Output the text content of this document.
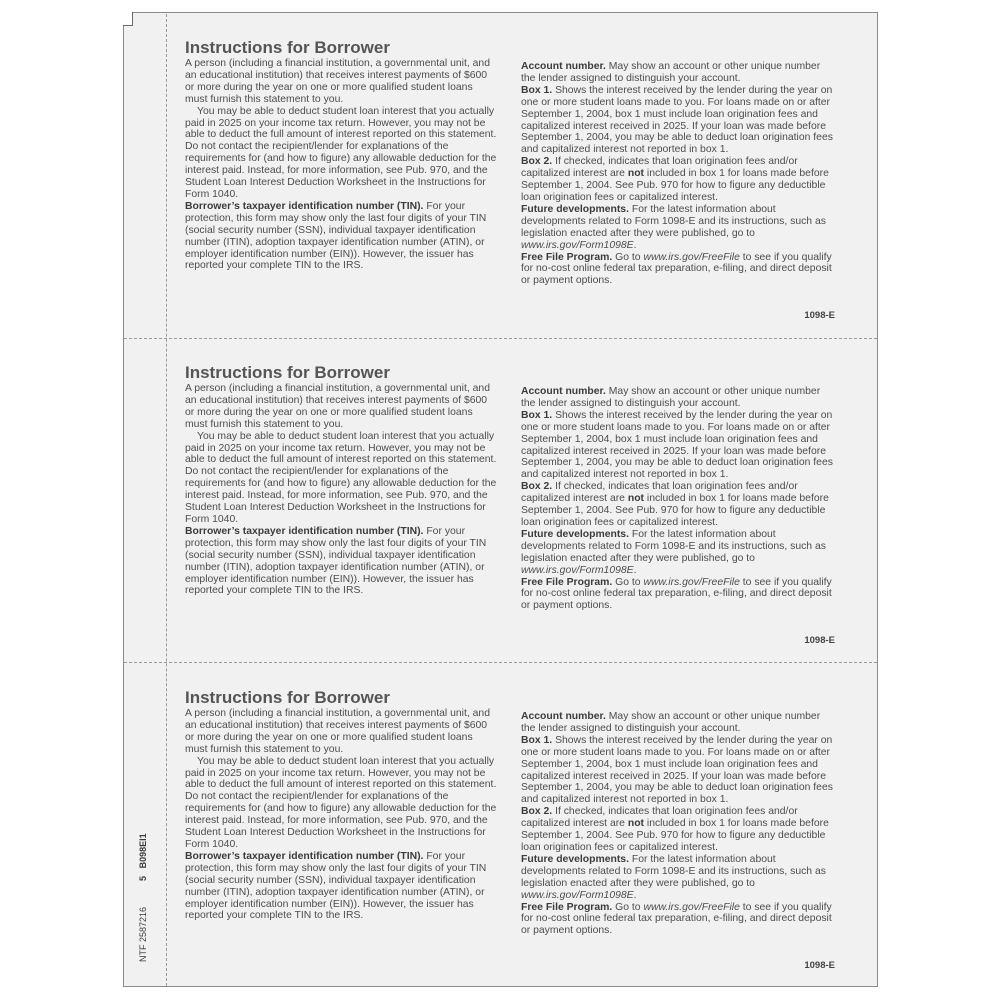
Instructions for Borrower

A person (including a financial institution, a governmental unit, and an educational institution) that receives interest payments of $600 or more during the year on one or more qualified student loans must furnish this statement to you.

You may be able to deduct student loan interest that you actually paid in 2025 on your income tax return. However, you may not be able to deduct the full amount of interest reported on this statement. Do not contact the recipient/lender for explanations of the requirements for (and how to figure) any allowable deduction for the interest paid. Instead, for more information, see Pub. 970, and the Student Loan Interest Deduction Worksheet in the Instructions for Form 1040.

Borrower’s taxpayer identification number (TIN). For your protection, this form may show only the last four digits of your TIN (social security number (SSN), individual taxpayer identification number (ITIN), adoption taxpayer identification number (ATIN), or employer identification number (EIN)). However, the issuer has reported your complete TIN to the IRS.

Account number. May show an account or other unique number the lender assigned to distinguish your account.

Box 1. Shows the interest received by the lender during the year on one or more student loans made to you. For loans made on or after September 1, 2004, box 1 must include loan origination fees and capitalized interest received in 2025. If your loan was made before September 1, 2004, you may be able to deduct loan origination fees and capitalized interest not reported in box 1.

Box 2. If checked, indicates that loan origination fees and/or capitalized interest are not included in box 1 for loans made before September 1, 2004. See Pub. 970 for how to figure any deductible loan origination fees or capitalized interest.

Future developments. For the latest information about developments related to Form 1098-E and its instructions, such as legislation enacted after they were published, go to www.irs.gov/Form1098E.

Free File Program. Go to www.irs.gov/FreeFile to see if you qualify for no-cost online federal tax preparation, e-filing, and direct deposit or payment options.

1098-E
Instructions for Borrower

A person (including a financial institution, a governmental unit, and an educational institution) that receives interest payments of $600 or more during the year on one or more qualified student loans must furnish this statement to you.

You may be able to deduct student loan interest that you actually paid in 2025 on your income tax return. However, you may not be able to deduct the full amount of interest reported on this statement. Do not contact the recipient/lender for explanations of the requirements for (and how to figure) any allowable deduction for the interest paid. Instead, for more information, see Pub. 970, and the Student Loan Interest Deduction Worksheet in the Instructions for Form 1040.

Borrower’s taxpayer identification number (TIN). For your protection, this form may show only the last four digits of your TIN (social security number (SSN), individual taxpayer identification number (ITIN), adoption taxpayer identification number (ATIN), or employer identification number (EIN)). However, the issuer has reported your complete TIN to the IRS.

Account number. May show an account or other unique number the lender assigned to distinguish your account.

Box 1. Shows the interest received by the lender during the year on one or more student loans made to you. For loans made on or after September 1, 2004, box 1 must include loan origination fees and capitalized interest received in 2025. If your loan was made before September 1, 2004, you may be able to deduct loan origination fees and capitalized interest not reported in box 1.

Box 2. If checked, indicates that loan origination fees and/or capitalized interest are not included in box 1 for loans made before September 1, 2004. See Pub. 970 for how to figure any deductible loan origination fees or capitalized interest.

Future developments. For the latest information about developments related to Form 1098-E and its instructions, such as legislation enacted after they were published, go to www.irs.gov/Form1098E.

Free File Program. Go to www.irs.gov/FreeFile to see if you qualify for no-cost online federal tax preparation, e-filing, and direct deposit or payment options.

1098-E
Instructions for Borrower

A person (including a financial institution, a governmental unit, and an educational institution) that receives interest payments of $600 or more during the year on one or more qualified student loans must furnish this statement to you.

You may be able to deduct student loan interest that you actually paid in 2025 on your income tax return. However, you may not be able to deduct the full amount of interest reported on this statement. Do not contact the recipient/lender for explanations of the requirements for (and how to figure) any allowable deduction for the interest paid. Instead, for more information, see Pub. 970, and the Student Loan Interest Deduction Worksheet in the Instructions for Form 1040.

Borrower’s taxpayer identification number (TIN). For your protection, this form may show only the last four digits of your TIN (social security number (SSN), individual taxpayer identification number (ITIN), adoption taxpayer identification number (ATIN), or employer identification number (EIN)). However, the issuer has reported your complete TIN to the IRS.

Account number. May show an account or other unique number the lender assigned to distinguish your account.

Box 1. Shows the interest received by the lender during the year on one or more student loans made to you. For loans made on or after September 1, 2004, box 1 must include loan origination fees and capitalized interest received in 2025. If your loan was made before September 1, 2004, you may be able to deduct loan origination fees and capitalized interest not reported in box 1.

Box 2. If checked, indicates that loan origination fees and/or capitalized interest are not included in box 1 for loans made before September 1, 2004. See Pub. 970 for how to figure any deductible loan origination fees or capitalized interest.

Future developments. For the latest information about developments related to Form 1098-E and its instructions, such as legislation enacted after they were published, go to www.irs.gov/Form1098E.

Free File Program. Go to www.irs.gov/FreeFile to see if you qualify for no-cost online federal tax preparation, e-filing, and direct deposit or payment options.

1098-E
NTF 25872165   B098EI1
